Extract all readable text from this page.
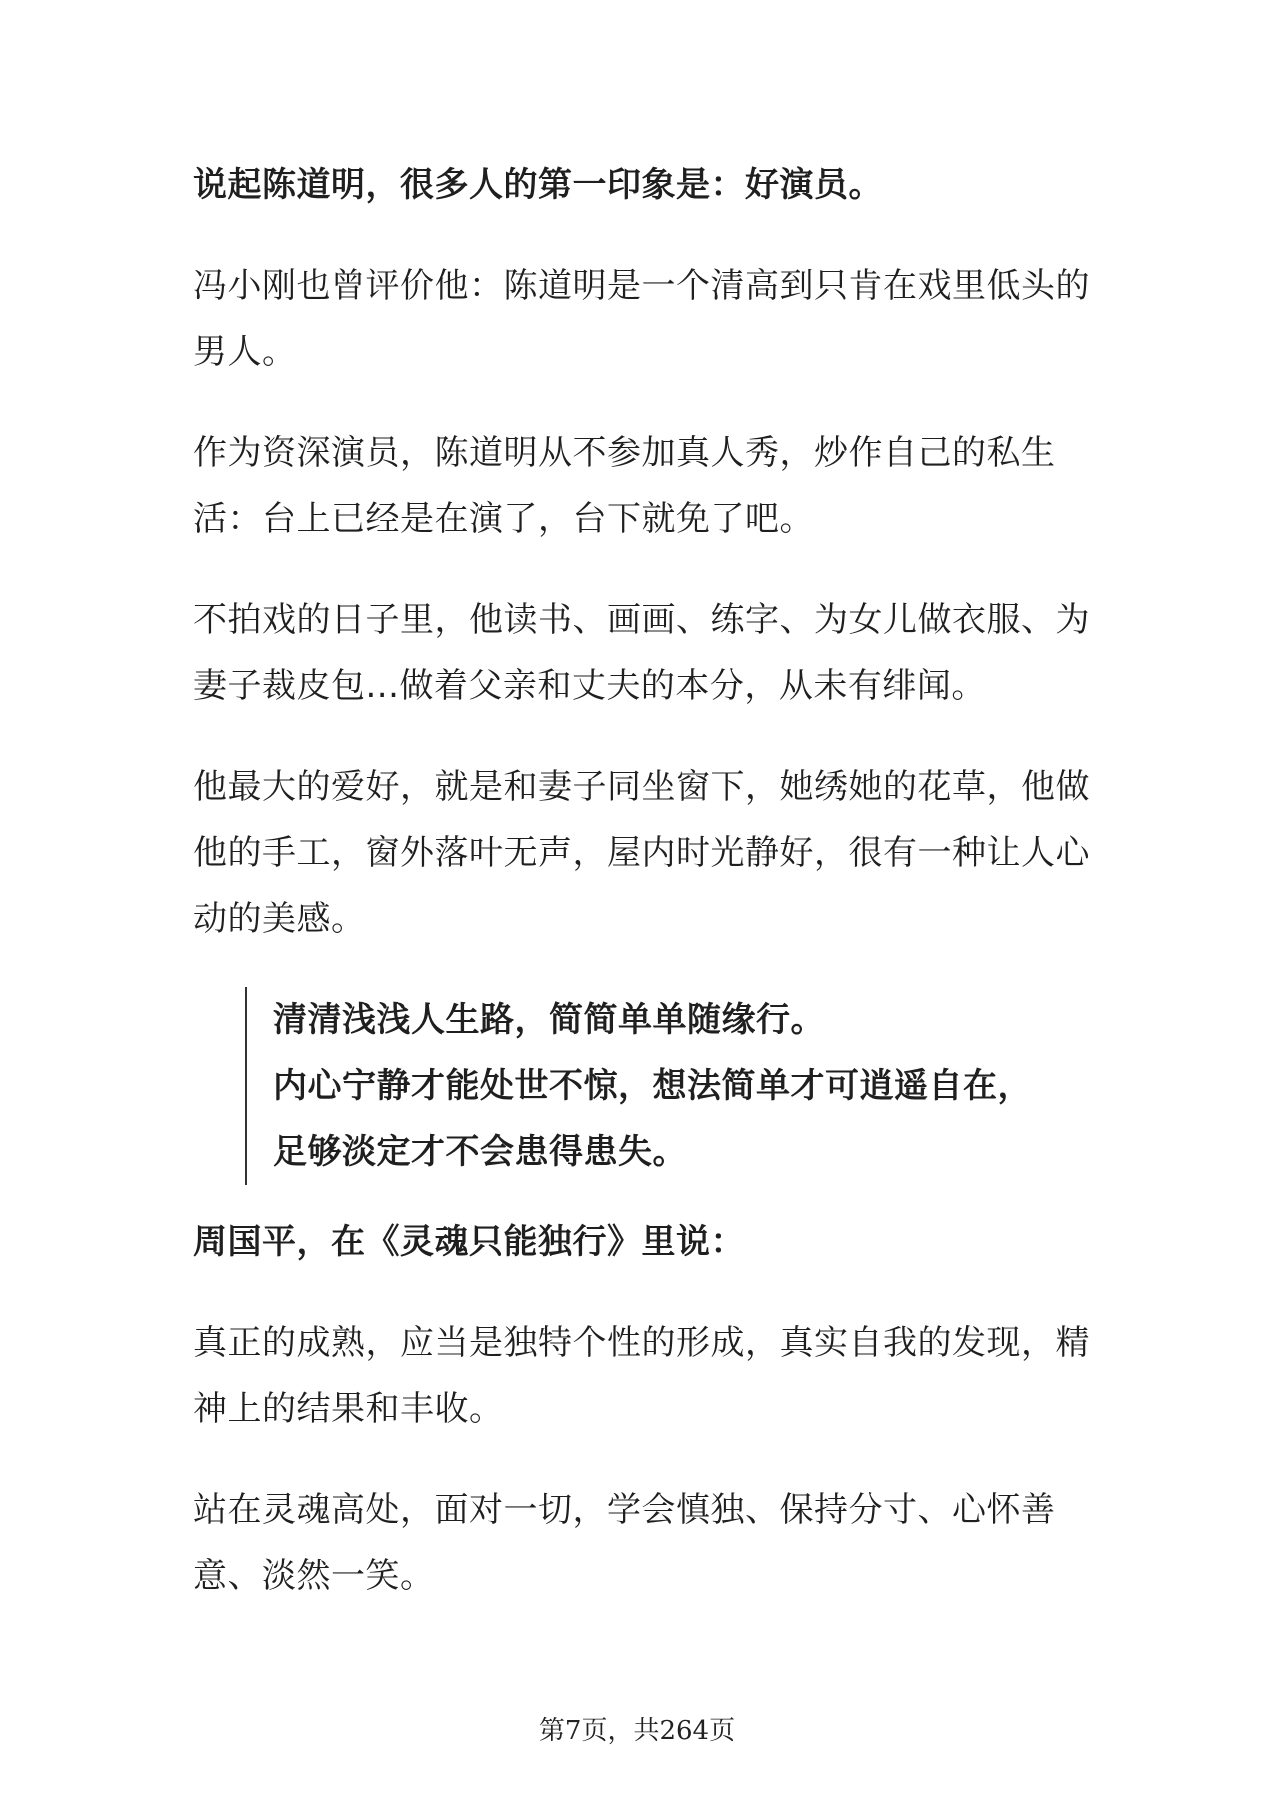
说起陈道明，很多人的第一印象是：好演员。

冯小刚也曾评价他：陈道明是一个清高到只肯在戏里低头的男人。

作为资深演员，陈道明从不参加真人秀，炒作自己的私生活：台上已经是在演了，台下就免了吧。

不拍戏的日子里，他读书、画画、练字、为女儿做衣服、为妻子裁皮包...做着父亲和丈夫的本分，从未有绯闻。

他最大的爱好，就是和妻子同坐窗下，她绣她的花草，他做他的手工，窗外落叶无声，屋内时光静好，很有一种让人心动的美感。

清清浅浅人生路，简简单单随缘行。
内心宁静才能处世不惊，想法简单才可逍遥自在，
足够淡定才不会患得患失。

周国平，在《灵魂只能独行》里说：

真正的成熟，应当是独特个性的形成，真实自我的发现，精神上的结果和丰收。

站在灵魂高处，面对一切，学会慎独、保持分寸、心怀善意、淡然一笑。

第7页，共264页
